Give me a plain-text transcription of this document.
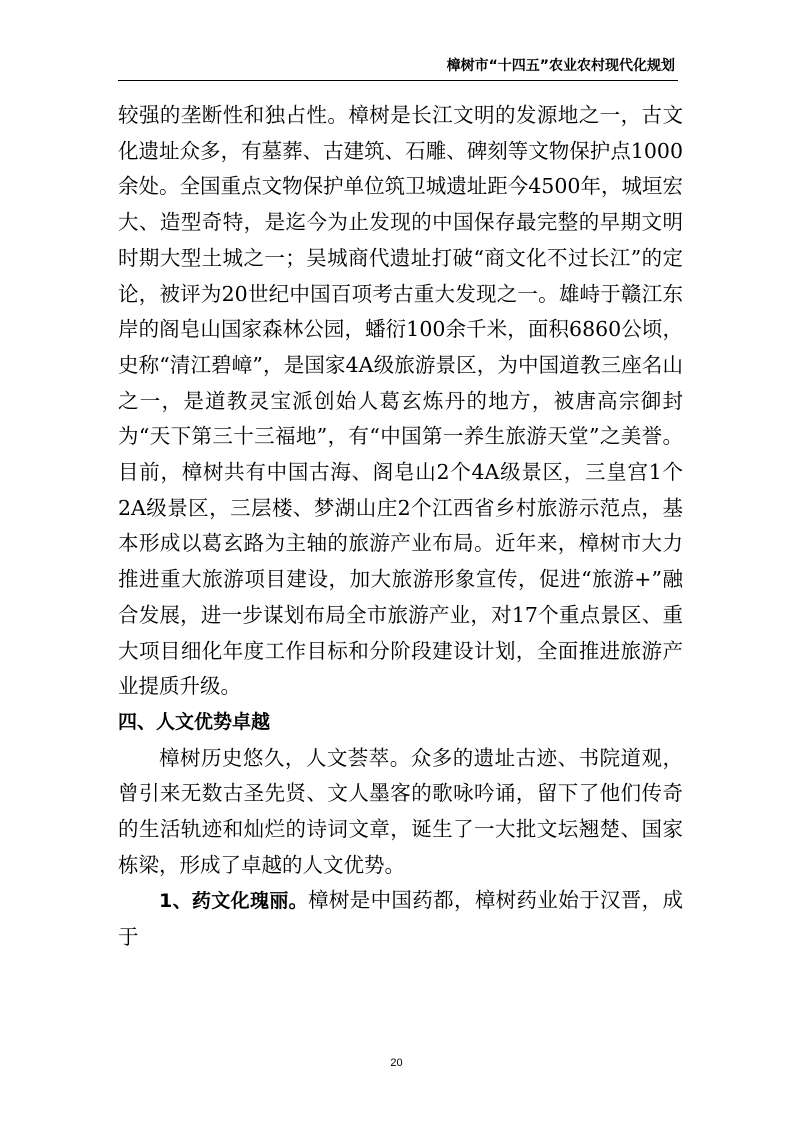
樟树市“十四五”农业农村现代化规划

较强的垄断性和独占性。樟树是长江文明的发源地之一，古文化遗址众多，有墓葬、古建筑、石雕、碑刻等文物保护点1000余处。全国重点文物保护单位筑卫城遗址距今4500年，城垣宏大、造型奇特，是迄今为止发现的中国保存最完整的早期文明时期大型土城之一；吴城商代遗址打破“商文化不过长江”的定论，被评为20世纪中国百项考古重大发现之一。雄峙于赣江东岸的阁皂山国家森林公园，蟠衍100余千米，面积6860公顷，史称“清江碧嶂”，是国家4A级旅游景区，为中国道教三座名山之一，是道教灵宝派创始人葛玄炼丹的地方，被唐高宗御封为“天下第三十三福地”，有“中国第一养生旅游天堂”之美誉。目前，樟树共有中国古海、阁皂山2个4A级景区，三皇宫1个2A级景区，三层楼、梦湖山庄2个江西省乡村旅游示范点，基本形成以葛玄路为主轴的旅游产业布局。近年来，樟树市大力推进重大旅游项目建设，加大旅游形象宣传，促进“旅游+”融合发展，进一步谋划布局全市旅游产业，对17个重点景区、重大项目细化年度工作目标和分阶段建设计划，全面推进旅游产业提质升级。

四、人文优势卓越

樟树历史悠久，人文荟萃。众多的遗址古迹、书院道观，曾引来无数古圣先贤、文人墨客的歌咏吟诵，留下了他们传奇的生活轨迹和灿烂的诗词文章，诞生了一大批文坛翘楚、国家栋梁，形成了卓越的人文优势。

1、药文化瑰丽。樟树是中国药都，樟树药业始于汉晋，成于

20
